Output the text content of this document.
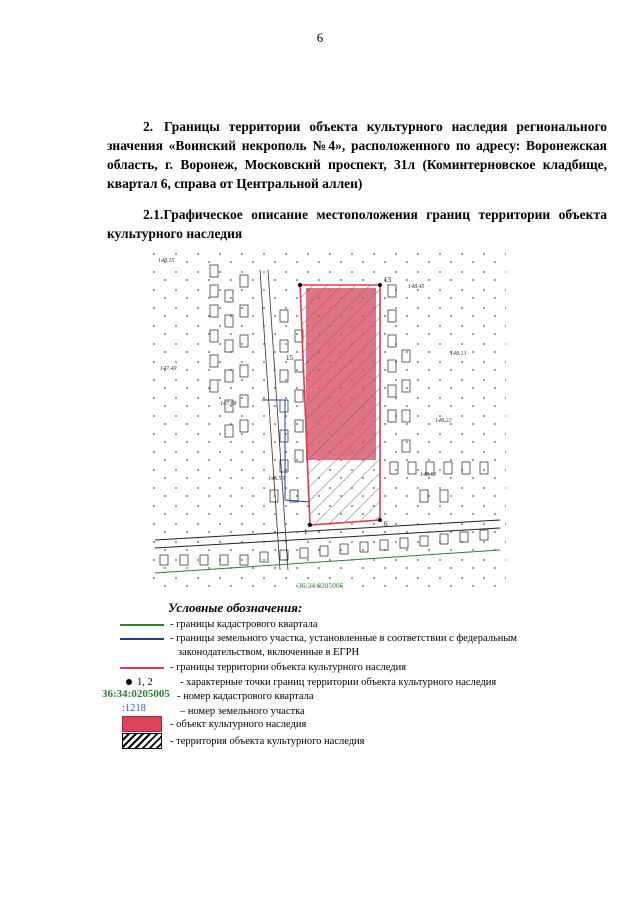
6
2. Границы территории объекта культурного наследия регионального значения «Воинский некрополь №4», расположенного по адресу: Воронежская область, г. Воронеж, Московский проспект, 31л (Коминтерновское кладбище, квартал 6, справа от Центральной аллеи)
2.1. Графическое описание местоположения границ территории объекта культурного наследия
1
6
13
15
148.45
148.13
148.22
148.61
147.68
148.15
147.49
146.50
36:34:0205005
Условные обозначения:
- границы кадастрового квартала
- границы земельного участка, установленные в соответствии с федеральным
законодательством, включенные в ЕГРН
- границы территории объекта культурного наследия
1, 2	- характерные точки границ территории объекта культурного наследия
36:34:0205005 - номер кадастрового квартала
:1218	– номер земельного участка
- объект культурного наследия
- территория объекта культурного наследия
